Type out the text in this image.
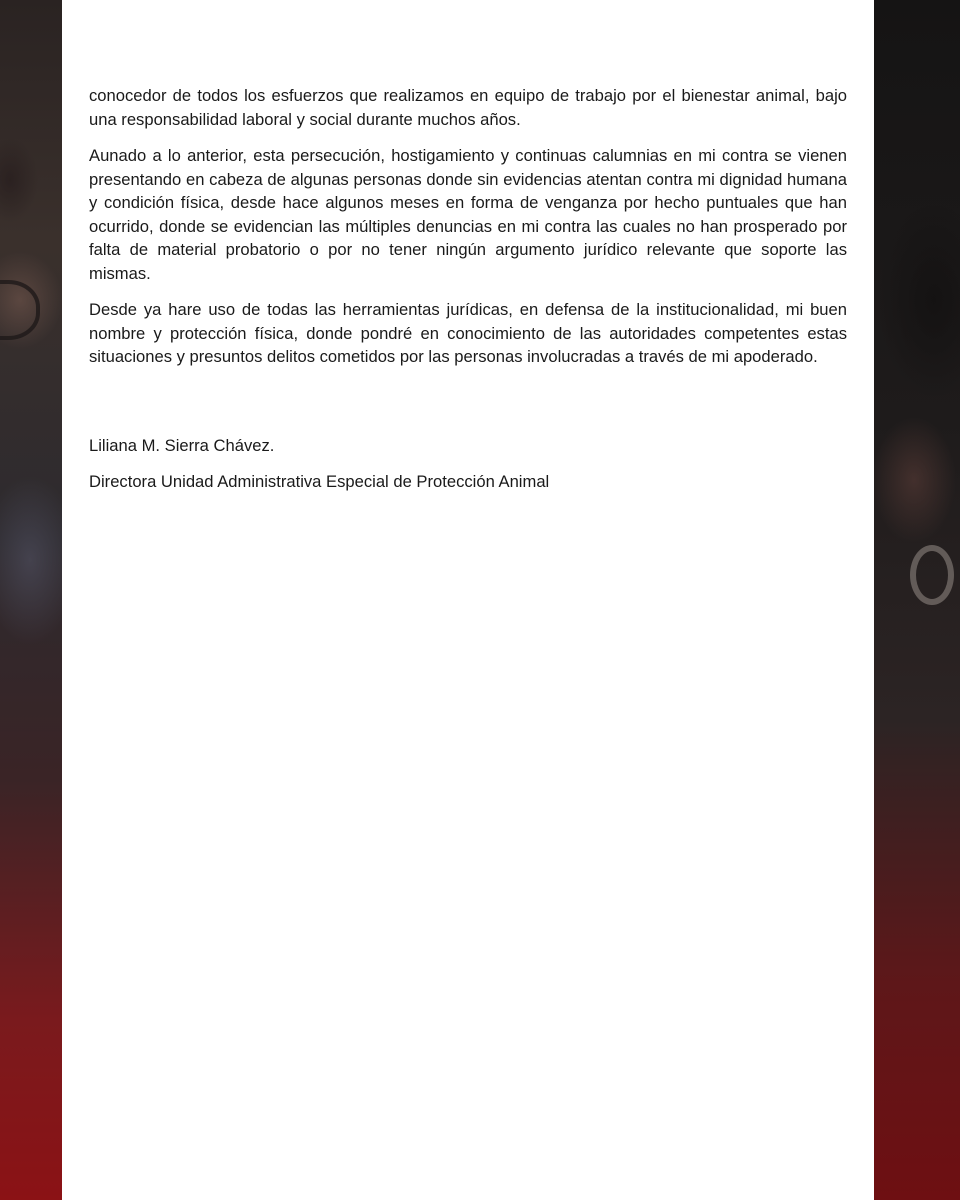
conocedor de todos los esfuerzos que realizamos en equipo de trabajo por el bienestar animal, bajo una responsabilidad laboral y social durante muchos años.

Aunado a lo anterior, esta persecución, hostigamiento y continuas calumnias en mi contra se vienen presentando en cabeza de algunas personas donde sin evidencias atentan contra mi dignidad humana y condición física, desde hace algunos meses en forma de venganza por hecho puntuales que han ocurrido, donde se evidencian las múltiples denuncias en mi contra las cuales no han prosperado por falta de material probatorio o por no tener ningún argumento jurídico relevante que soporte las mismas.

Desde ya hare uso de todas las herramientas jurídicas, en defensa de la institucionalidad, mi buen nombre y protección física, donde pondré en conocimiento de las autoridades competentes estas situaciones y presuntos delitos cometidos por las personas involucradas a través de mi apoderado.

Liliana M. Sierra Chávez.

Directora Unidad Administrativa Especial de Protección Animal
